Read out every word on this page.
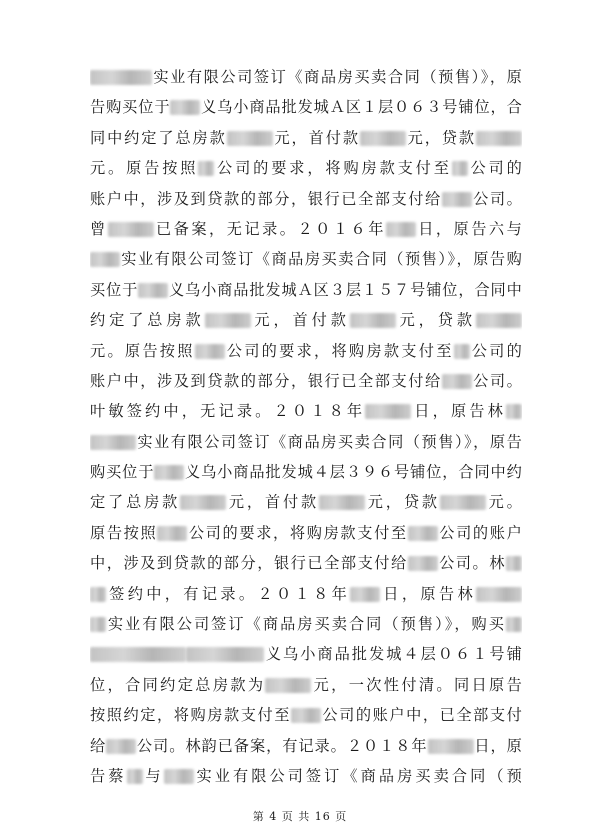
实业有限公司签订《商品房买卖合同（预售）》，原
告购买位于 义乌小商品批发城Ａ区１层０６３号铺位，合
同中约定了总房款	元，首付款	元，贷款
元。原告按照 公司的要求，将购房款支付至 公司的
账户中，涉及到贷款的部分，银行已全部支付给 公司。
曾	已备案，无记录。２０１６年 日，原告六与
实业有限公司签订《商品房买卖合同（预售）》，原告购
买位于 义乌小商品批发城Ａ区３层１５７号铺位，合同中
约定了总房款	元，首付款	元，贷款
元。原告按照 公司的要求，将购房款支付至 公司的
账户中，涉及到贷款的部分，银行已全部支付给 公司。
叶敏签约中，无记录。２０１８年	日，原告林
实业有限公司签订《商品房买卖合同（预售）》，原告
购买位于 义乌小商品批发城４层３９６号铺位，合同中约
定了总房款	元，首付款	元，贷款	元。
原告按照 公司的要求，将购房款支付至 公司的账户
中，涉及到贷款的部分，银行已全部支付给 公司。林
签约中，有记录。２０１８年 日，原告林
实业有限公司签订《商品房买卖合同（预售）》，购买
义乌小商品批发城４层０６１号铺
位，合同约定总房款为	元，一次性付清。同日原告
按照约定，将购房款支付至 公司的账户中，已全部支付
给 公司。林韵已备案，有记录。２０１８年	日，原
告蔡 与 实业有限公司签订《商品房买卖合同（预
第 4 页 共 16 页
